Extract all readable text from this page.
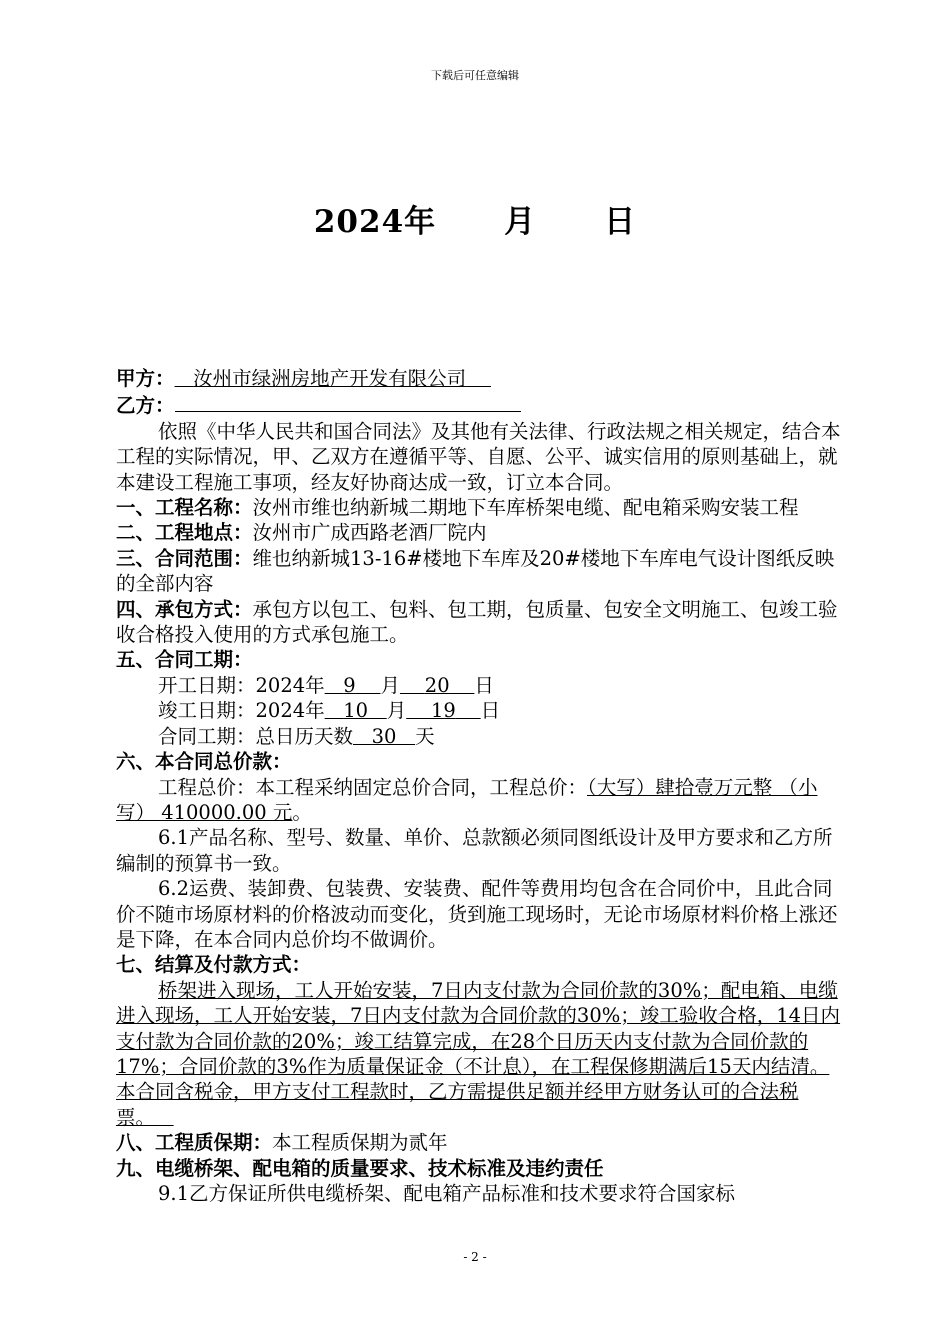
下载后可任意编辑
2024年 月 日

甲方： 汝州市绿洲房地产开发有限公司

乙方：

依照《中华人民共和国合同法》及其他有关法律、行政法规之相关规定，结合本工程的实际情况，甲、乙双方在遵循平等、自愿、公平、诚实信用的原则基础上，就本建设工程施工事项，经友好协商达成一致，订立本合同。

一、工程名称：汝州市维也纳新城二期地下车库桥架电缆、配电箱采购安装工程

二、工程地点：汝州市广成西路老酒厂院内

三、合同范围：维也纳新城13-16#楼地下车库及20#楼地下车库电气设计图纸反映的全部内容

四、承包方式：承包方以包工、包料、包工期，包质量、包安全文明施工、包竣工验收合格投入使用的方式承包施工。

五、合同工期：

开工日期：2024年 9 月 20 日

竣工日期：2024年 10 月 19 日

合同工期：总日历天数 30 天

六、本合同总价款：

工程总价：本工程采纳固定总价合同，工程总价：（大写）肆拾壹万元整 （小写） 410000.00 元。

6.1产品名称、型号、数量、单价、总款额必须同图纸设计及甲方要求和乙方所编制的预算书一致。

6.2运费、装卸费、包装费、安装费、配件等费用均包含在合同价中，且此合同价不随市场原材料的价格波动而变化，货到施工现场时，无论市场原材料价格上涨还是下降，在本合同内总价均不做调价。

七、结算及付款方式：

桥架进入现场，工人开始安装，7日内支付款为合同价款的30%；配电箱、电缆进入现场，工人开始安装，7日内支付款为合同价款的30%；竣工验收合格，14日内支付款为合同价款的20%；竣工结算完成，在28个日历天内支付款为合同价款的17%；合同价款的3%作为质量保证金（不计息），在工程保修期满后15天内结清。本合同含税金，甲方支付工程款时，乙方需提供足额并经甲方财务认可的合法税票。

八、工程质保期：本工程质保期为贰年

九、电缆桥架、配电箱的质量要求、技术标准及违约责任

9.1乙方保证所供电缆桥架、配电箱产品标准和技术要求符合国家标

- 2 -
